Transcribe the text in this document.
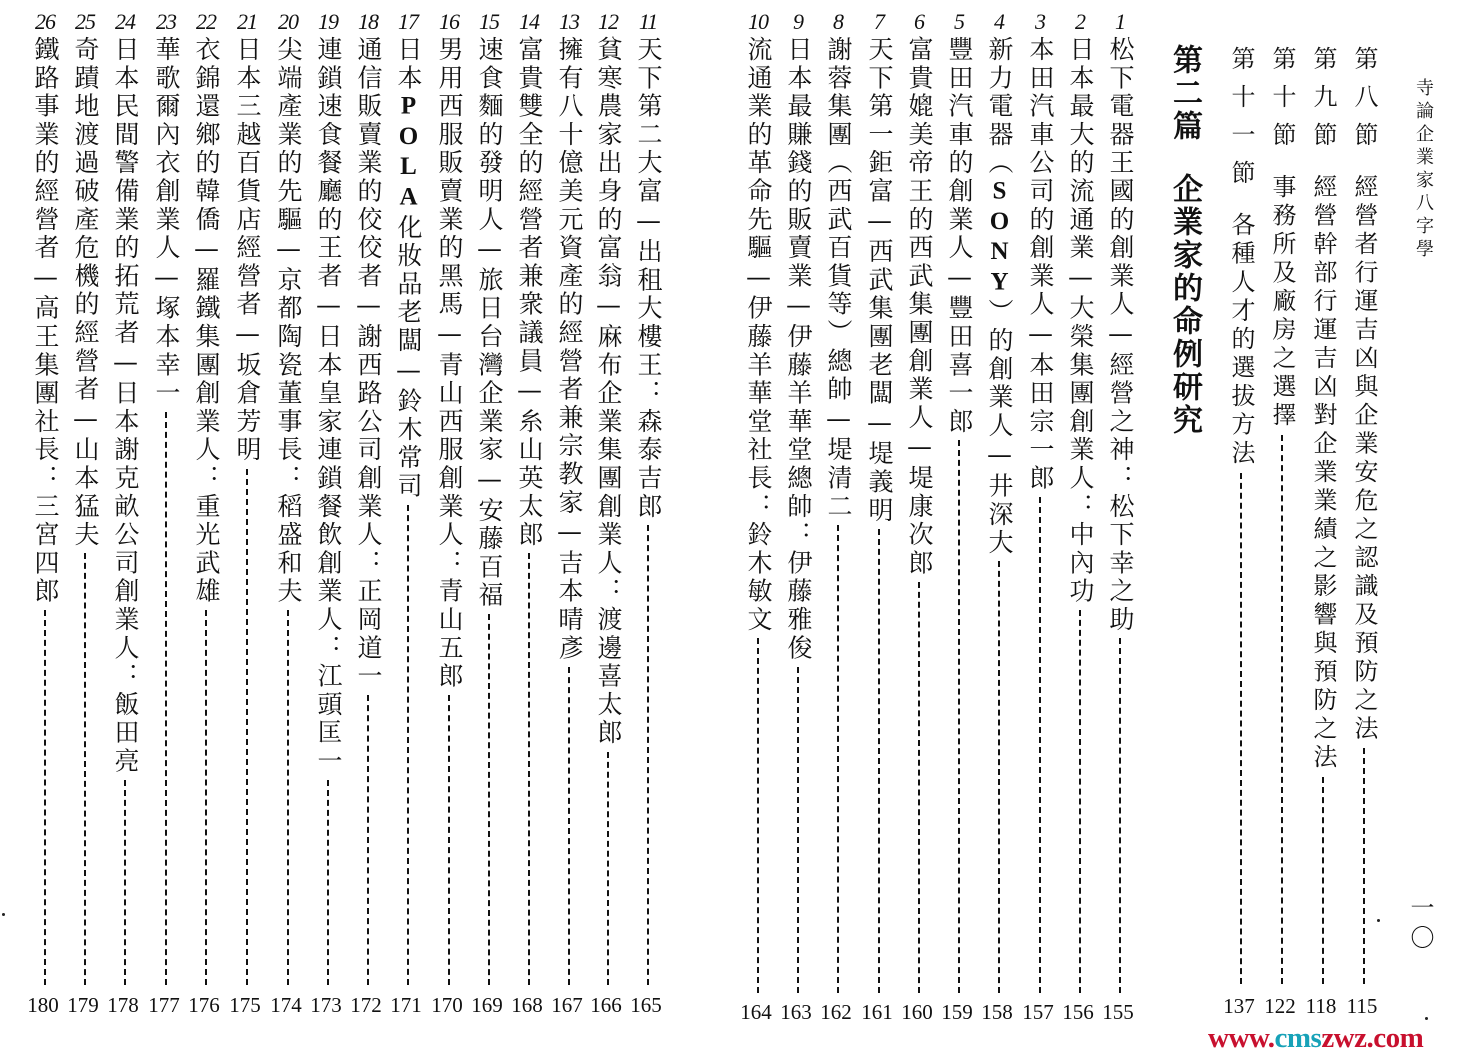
寺論企業家八字學
一〇
第二篇企業家的命例研究
第八節
經營者行運吉凶與企業安危之認識及預防之法
115
第九節
經營幹部行運吉凶對企業業績之影響與預防之法
118
第十節
事務所及廠房之選擇
122
第十一節
各種人才的選拔方法
137
1
松下電器王國的創業人—經營之神：松下幸之助
155
2
日本最大的流通業—大榮集團創業人：中內功
156
3
本田汽車公司的創業人—本田宗一郎
157
4
新力電器（SONY）的創業人—井深大
158
5
豐田汽車的創業人—豐田喜一郎
159
6
富貴媲美帝王的西武集團創業人—堤康次郎
160
7
天下第一鉅富—西武集團老闆—堤義明
161
8
謝蓉集團（西武百貨等）總帥—堤清二
162
9
日本最賺錢的販賣業—伊藤羊華堂總帥：伊藤雅俊
163
10
流通業的革命先驅—伊藤羊華堂社長：鈴木敏文
164
11
天下第二大富—出租大樓王：森泰吉郎
165
12
貧寒農家出身的富翁—麻布企業集團創業人：渡邊喜太郎
166
13
擁有八十億美元資產的經營者兼宗教家—吉本晴彥
167
14
富貴雙全的經營者兼衆議員—糸山英太郎
168
15
速食麵的發明人—旅日台灣企業家—安藤百福
169
16
男用西服販賣業的黑馬—青山西服創業人：青山五郎
170
17
日本POLA化妝品老闆—鈴木常司
171
18
通信販賣業的佼佼者—謝西路公司創業人：正岡道一
172
19
連鎖速食餐廳的王者—日本皇家連鎖餐飲創業人：江頭匡一
173
20
尖端產業的先驅—京都陶瓷董事長：稻盛和夫
174
21
日本三越百貨店經營者—坂倉芳明
175
22
衣錦還鄉的韓僑—羅鐵集團創業人：重光武雄
176
23
華歌爾內衣創業人—塚本幸一
177
24
日本民間警備業的拓荒者—日本謝克畝公司創業人：飯田亮
178
25
奇蹟地渡過破產危機的經營者—山本猛夫
179
26
鐵路事業的經營者—高王集團社長：三宮四郎
180
www.cmszwz.com
